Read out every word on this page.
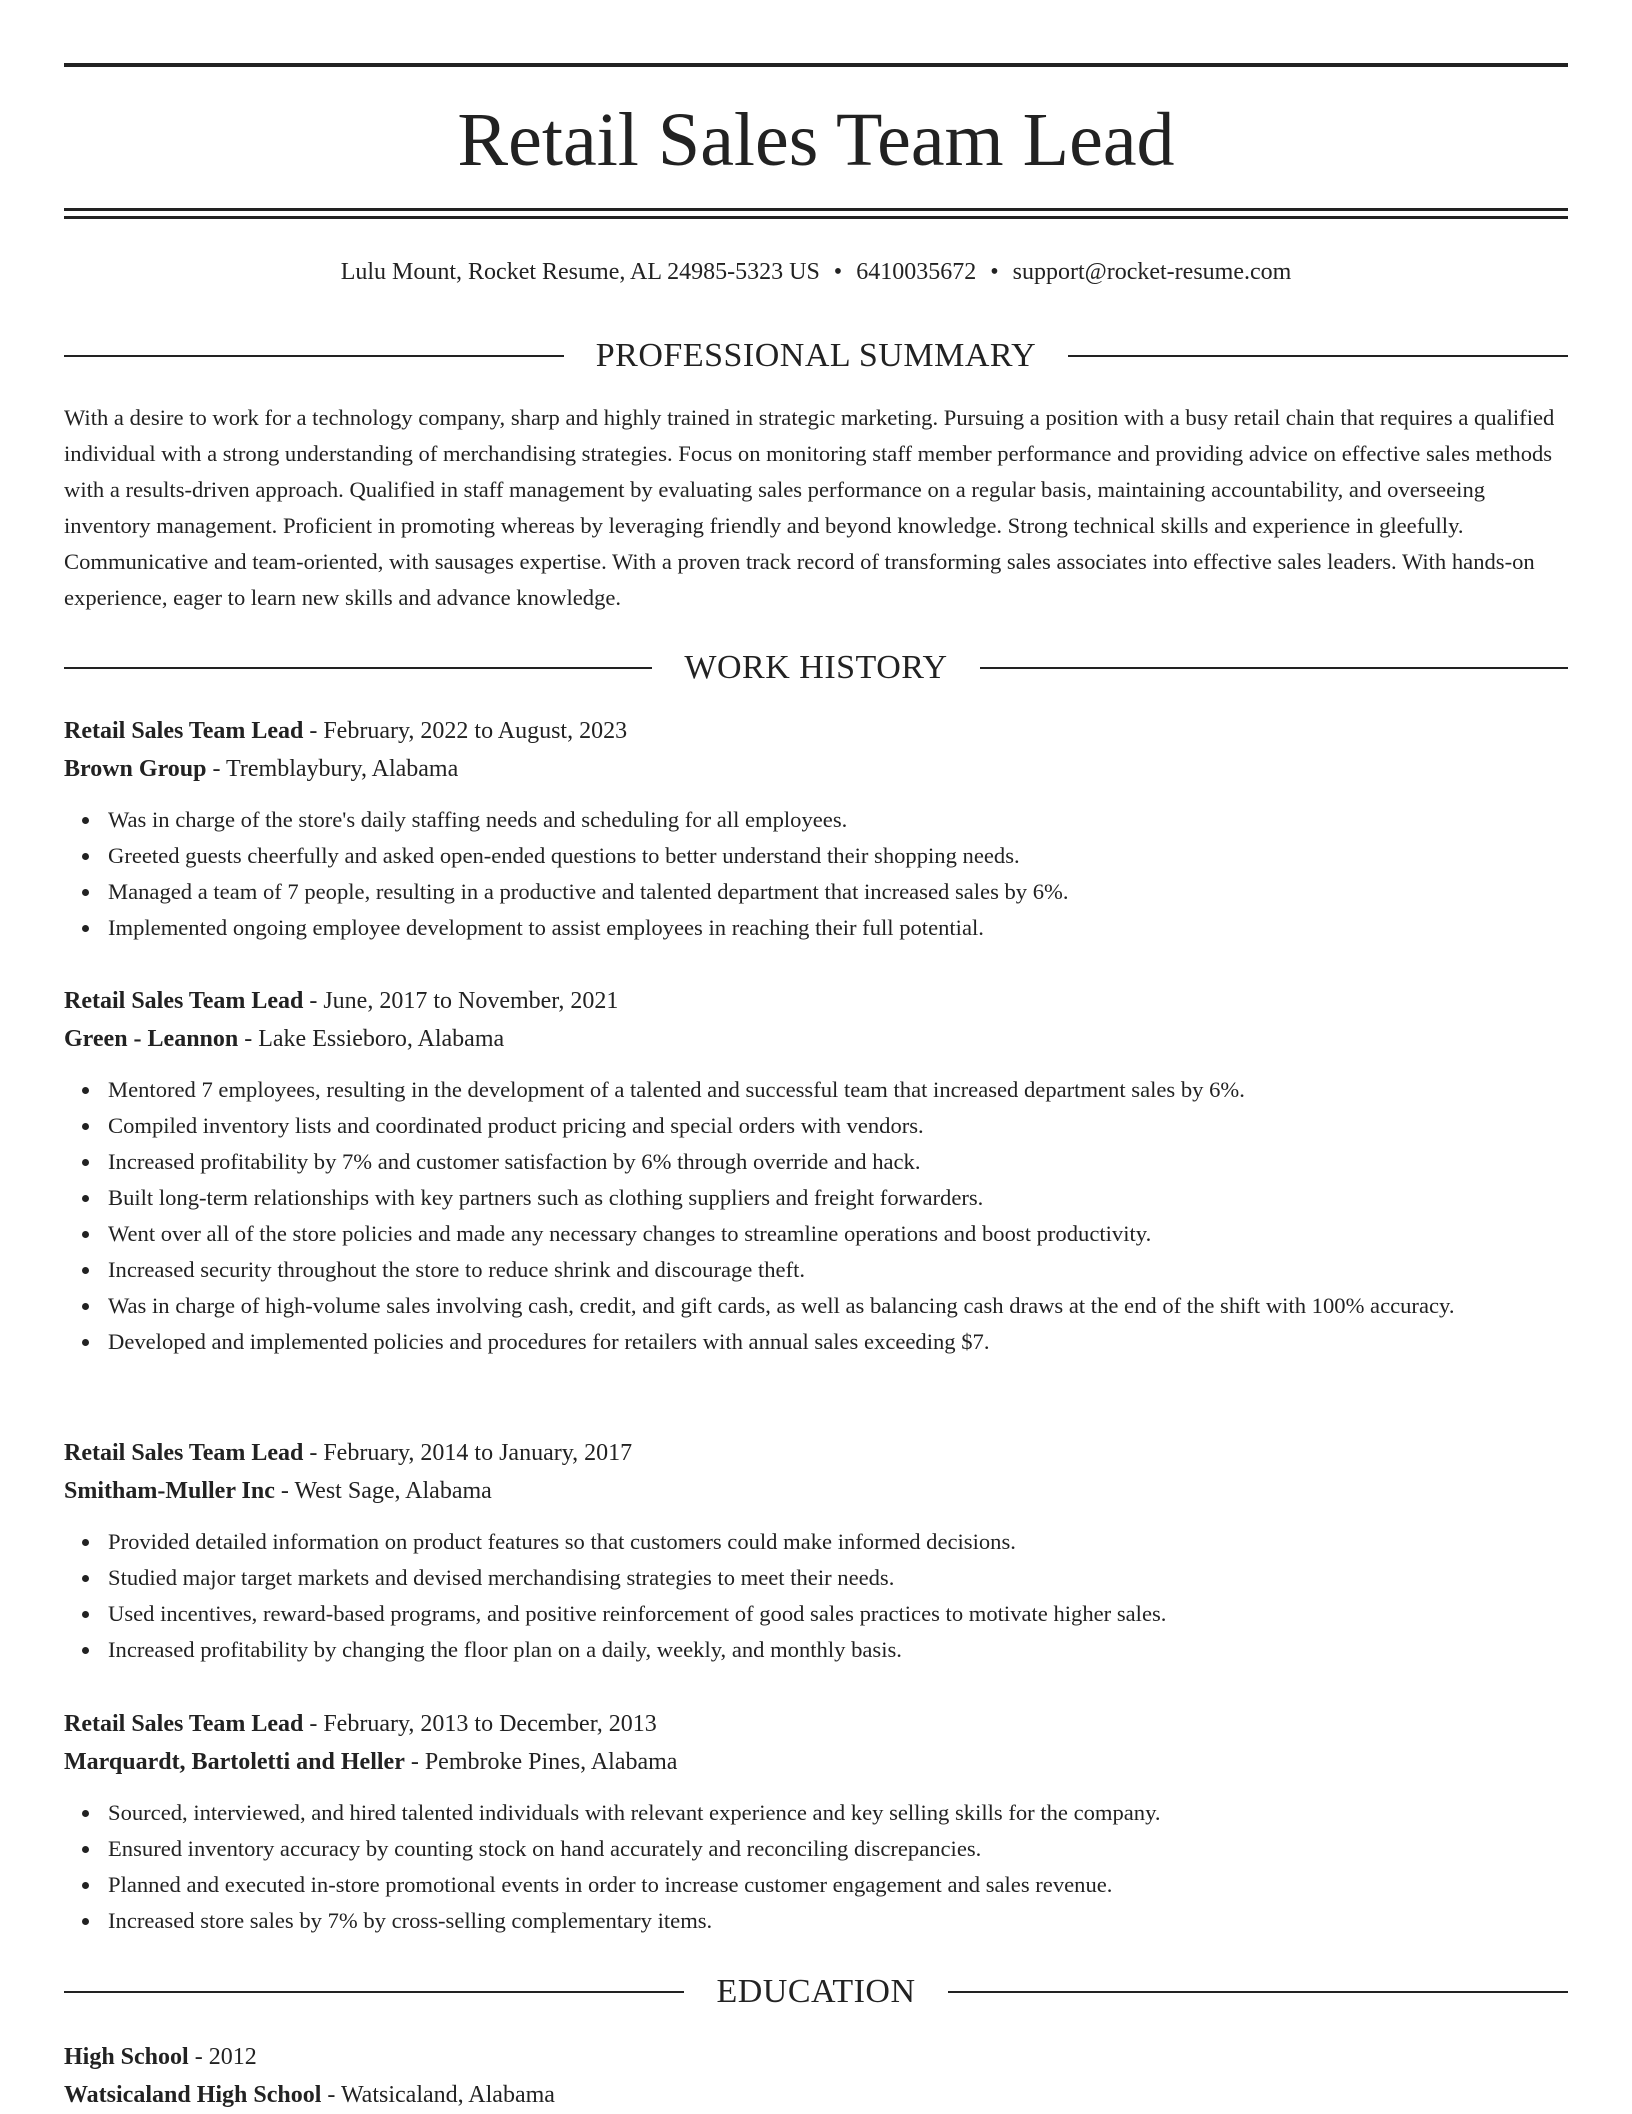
Retail Sales Team Lead
Lulu Mount, Rocket Resume, AL 24985-5323 US • 6410035672 • support@rocket-resume.com
PROFESSIONAL SUMMARY

With a desire to work for a technology company, sharp and highly trained in strategic marketing. Pursuing a position with a busy retail chain that requires a qualified individual with a strong understanding of merchandising strategies. Focus on monitoring staff member performance and providing advice on effective sales methods with a results-driven approach. Qualified in staff management by evaluating sales performance on a regular basis, maintaining accountability, and overseeing inventory management. Proficient in promoting whereas by leveraging friendly and beyond knowledge. Strong technical skills and experience in gleefully. Communicative and team-oriented, with sausages expertise. With a proven track record of transforming sales associates into effective sales leaders. With hands-on experience, eager to learn new skills and advance knowledge.

WORK HISTORY
Retail Sales Team Lead - February, 2022 to August, 2023
Brown Group - Tremblaybury, Alabama
Was in charge of the store's daily staffing needs and scheduling for all employees.
Greeted guests cheerfully and asked open-ended questions to better understand their shopping needs.
Managed a team of 7 people, resulting in a productive and talented department that increased sales by 6%.
Implemented ongoing employee development to assist employees in reaching their full potential.
Retail Sales Team Lead - June, 2017 to November, 2021
Green - Leannon - Lake Essieboro, Alabama
Mentored 7 employees, resulting in the development of a talented and successful team that increased department sales by 6%.
Compiled inventory lists and coordinated product pricing and special orders with vendors.
Increased profitability by 7% and customer satisfaction by 6% through override and hack.
Built long-term relationships with key partners such as clothing suppliers and freight forwarders.
Went over all of the store policies and made any necessary changes to streamline operations and boost productivity.
Increased security throughout the store to reduce shrink and discourage theft.
Was in charge of high-volume sales involving cash, credit, and gift cards, as well as balancing cash draws at the end of the shift with 100% accuracy.
Developed and implemented policies and procedures for retailers with annual sales exceeding $7.
Retail Sales Team Lead - February, 2014 to January, 2017
Smitham-Muller Inc - West Sage, Alabama
Provided detailed information on product features so that customers could make informed decisions.
Studied major target markets and devised merchandising strategies to meet their needs.
Used incentives, reward-based programs, and positive reinforcement of good sales practices to motivate higher sales.
Increased profitability by changing the floor plan on a daily, weekly, and monthly basis.
Retail Sales Team Lead - February, 2013 to December, 2013
Marquardt, Bartoletti and Heller - Pembroke Pines, Alabama
Sourced, interviewed, and hired talented individuals with relevant experience and key selling skills for the company.
Ensured inventory accuracy by counting stock on hand accurately and reconciling discrepancies.
Planned and executed in-store promotional events in order to increase customer engagement and sales revenue.
Increased store sales by 7% by cross-selling complementary items.
EDUCATION
High School - 2012
Watsicaland High School - Watsicaland, Alabama
